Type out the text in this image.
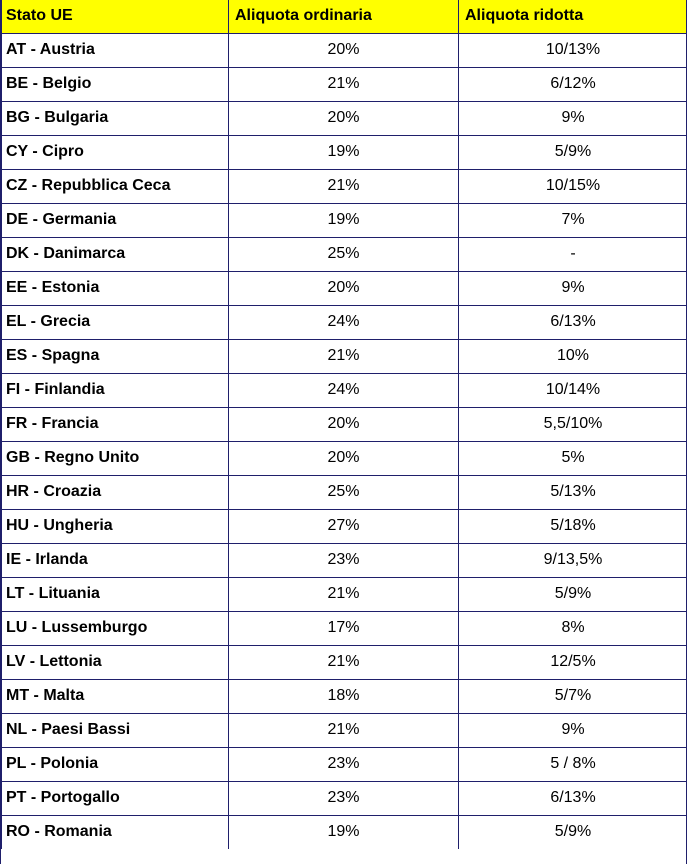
Stato UE	Aliquota ordinaria	Aliquota ridotta
AT - Austria	20%	10/13%
BE - Belgio	21%	6/12%
BG - Bulgaria	20%	9%
CY - Cipro	19%	5/9%
CZ - Repubblica Ceca	21%	10/15%
DE - Germania	19%	7%
DK - Danimarca	25%	-
EE - Estonia	20%	9%
EL - Grecia	24%	6/13%
ES - Spagna	21%	10%
FI - Finlandia	24%	10/14%
FR - Francia	20%	5,5/10%
GB - Regno Unito	20%	5%
HR - Croazia	25%	5/13%
HU - Ungheria	27%	5/18%
IE - Irlanda	23%	9/13,5%
LT - Lituania	21%	5/9%
LU - Lussemburgo	17%	8%
LV - Lettonia	21%	12/5%
MT - Malta	18%	5/7%
NL - Paesi Bassi	21%	9%
PL - Polonia	23%	5 / 8%
PT - Portogallo	23%	6/13%
RO - Romania	19%	5/9%
